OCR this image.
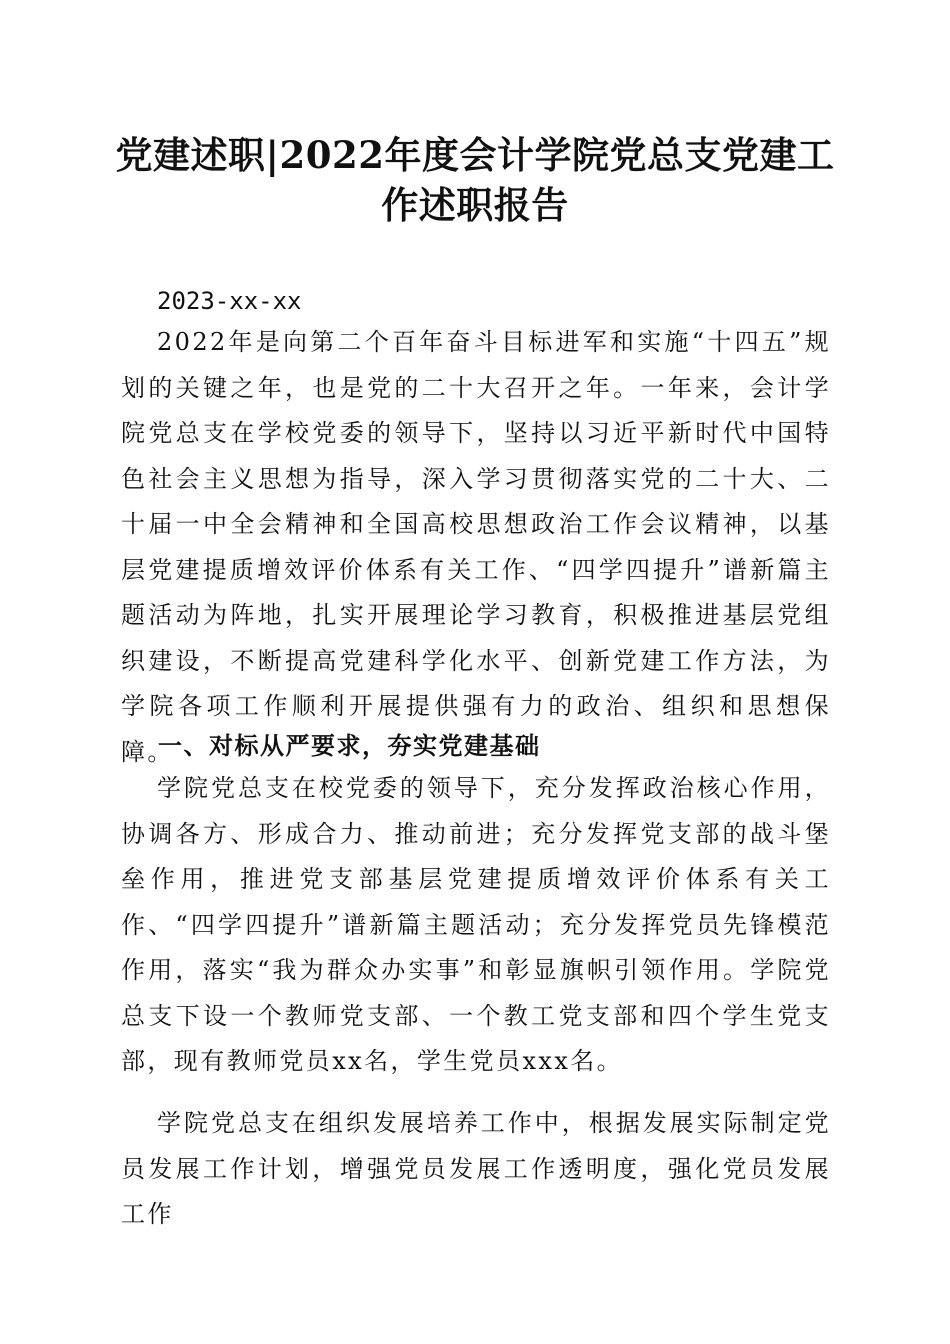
党建述职|2022年度会计学院党总支党建工作述职报告

2023-xx-xx

2022年是向第二个百年奋斗目标进军和实施“十四五”规划的关键之年，也是党的二十大召开之年。一年来，会计学院党总支在学校党委的领导下，坚持以习近平新时代中国特色社会主义思想为指导，深入学习贯彻落实党的二十大、二十届一中全会精神和全国高校思想政治工作会议精神，以基层党建提质增效评价体系有关工作、“四学四提升”谱新篇主题活动为阵地，扎实开展理论学习教育，积极推进基层党组织建设，不断提高党建科学化水平、创新党建工作方法，为学院各项工作顺利开展提供强有力的政治、组织和思想保障。

一、对标从严要求，夯实党建基础

学院党总支在校党委的领导下，充分发挥政治核心作用，协调各方、形成合力、推动前进；充分发挥党支部的战斗堡垒作用，推进党支部基层党建提质增效评价体系有关工作、“四学四提升”谱新篇主题活动；充分发挥党员先锋模范作用，落实“我为群众办实事”和彰显旗帜引领作用。学院党总支下设一个教师党支部、一个教工党支部和四个学生党支部，现有教师党员xx名，学生党员xxx名。

学院党总支在组织发展培养工作中，根据发展实际制定党员发展工作计划，增强党员发展工作透明度，强化党员发展工作
